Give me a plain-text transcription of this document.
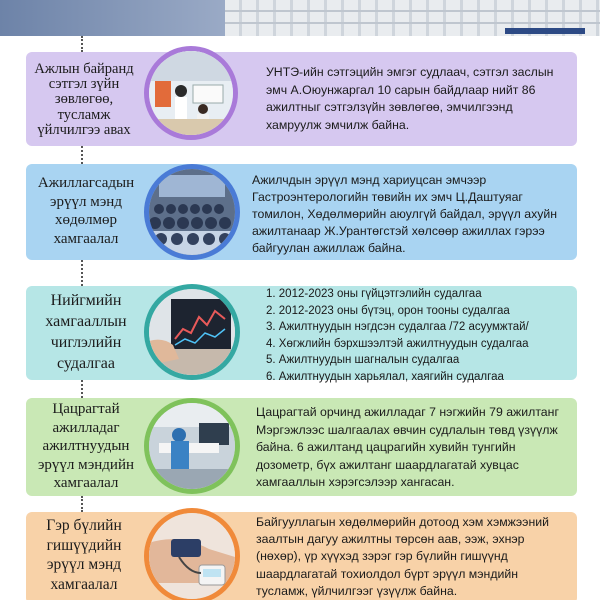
Ажлын байранд сэтгэл зүйн зөвлөгөө, тусламж үйлчилгээ авах
УНТЭ-ийн сэтгэцийн эмгэг судлаач, сэтгэл заслын эмч А.Оюунжаргал 10 сарын байдлаар нийт 86 ажилтныг сэтгэлзүйн зөвлөгөө, эмчилгээнд хамруулж эмчилж байна.
Ажиллагсадын эрүүл мэнд хөдөлмөр хамгаалал
Ажилчдын эрүүл мэнд хариуцсан эмчээр Гастроэнтерологийн төвийн их эмч Ц.Даштуяаг томилон, Хөдөлмөрийн аюулгүй байдал, эрүүл ахуйн ажилтанаар Ж.Урантөгстэй хөлсөөр ажиллах гэрээ байгуулан ажиллаж байна.
Нийгмийн хамгааллын чиглэлийн судалгаа
1. 2012-2023 оны гүйцэтгэлийн судалгаа
2. 2012-2023 оны бүтэц, орон тооны судалгаа
3. Ажилтнуудын нэгдсэн судалгаа /72 асуумжтай/
4. Хөгжлийн бэрхшээлтэй ажилтнуудын судалгаа
5. Ажилтнуудын шагналын судалгаа
6. Ажилтнуудын харьялал, хаягийн судалгаа
Цацрагтай ажилладаг ажилтнуудын эрүүл мэндийн хамгаалал
Цацрагтай орчинд ажилладаг 7 нэгжийн 79 ажилтанг Мэргэжлээс шалгаалах өвчин судлалын төвд үзүүлж байна. 6 ажилтанд цацрагийн хувийн тунгийн дозометр, бүх ажилтанг шаардлагатай хувцас хамгааллын хэрэгсэлээр хангасан.
Гэр бүлийн гишүүдийн эрүүл мэнд хамгаалал
Байгууллагын хөдөлмөрийн дотоод хэм хэмжээний заалтын дагуу ажилтны төрсөн аав, ээж, эхнэр (нөхөр), үр хүүхэд зэрэг гэр бүлийн гишүүнд шаардлагатай тохиолдол бүрт эрүүл мэндийн тусламж, үйлчилгээг үзүүлж байна.
